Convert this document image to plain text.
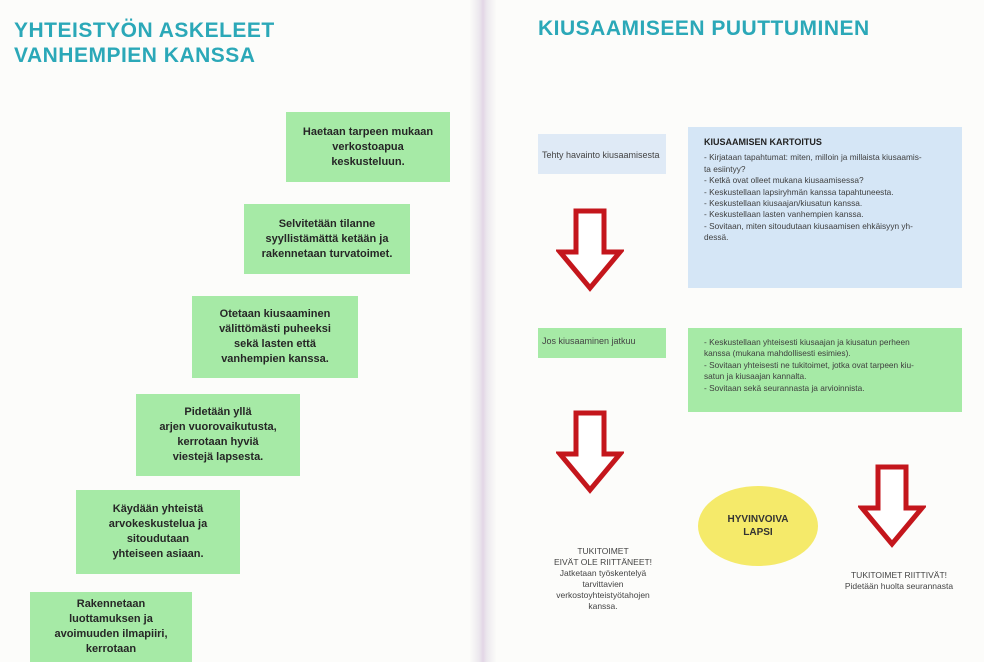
YHTEISTYÖN ASKELEET
VANHEMPIEN KANSSA
Haetaan tarpeen mukaan
verkostoapua
keskusteluun.
Selvitetään tilanne
syyllistämättä ketään ja
rakennetaan turvatoimet.
Otetaan kiusaaminen
välittömästi puheeksi
sekä lasten että
vanhempien kanssa.
Pidetään yllä
arjen vuorovaikutusta,
kerrotaan hyviä
viestejä lapsesta.
Käydään yhteistä
arvokeskustelua ja
sitoudutaan
yhteiseen asiaan.
Rakennetaan
luottamuksen ja
avoimuuden ilmapiiri,
kerrotaan
KIUSAAMISEEN PUUTTUMINEN
Tehty havainto kiusaamisesta
KIUSAAMISEN KARTOITUS
- Kirjataan tapahtumat: miten, milloin ja millaista kiusaamis-
ta esiintyy?
- Ketkä ovat olleet mukana kiusaamisessa?
- Keskustellaan lapsiryhmän kanssa tapahtuneesta.
- Keskustellaan kiusaajan/kiusatun kanssa.
- Keskustellaan lasten vanhempien kanssa.
- Sovitaan, miten sitoudutaan kiusaamisen ehkäisyyn yh-
dessä.
Jos kiusaaminen jatkuu	- Keskustellaan yhteisesti kiusaajan ja kiusatun perheen
kanssa (mukana mahdollisesti esimies).
- Sovitaan yhteisesti ne tukitoimet, jotka ovat tarpeen kiu-
satun ja kiusaajan kannalta.
- Sovitaan sekä seurannasta ja arvioinnista.
HYVINVOIVA
LAPSI
TUKITOIMET
EIVÄT OLE RIITTÄNEET!
Jatketaan työskentelyä
tarvittavien
verkostoyhteistyötahojen
kanssa.
TUKITOIMET RIITTIVÄT!
Pidetään huolta seurannasta
